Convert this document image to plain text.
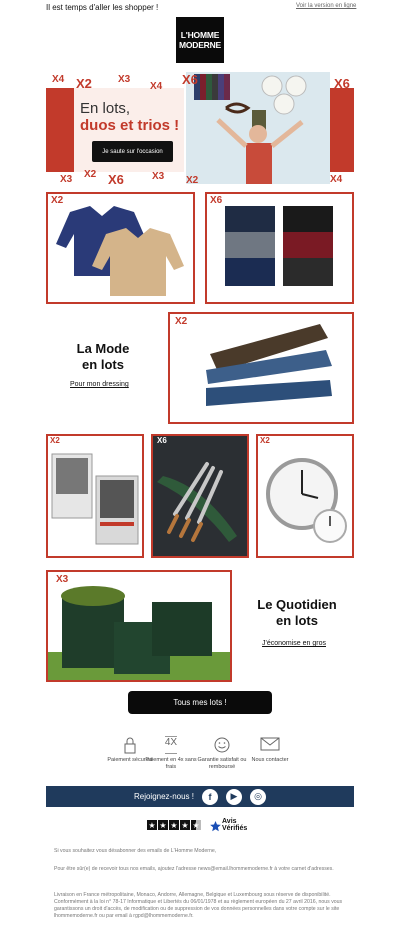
Il est temps d'aller les shopper !	Voir la version en ligne
L'HOMME
MODERNE
En lots,
duos et trios !
Je saute sur l'occasion
X4 X2	X3
X4 X6	X6
X3 X2 X6	X3 X2	X4
X2	X6
La Mode
en lots
Pour mon dressing
X2
X2	X6	X2
X3
Le Quotidien
en lots
J'économise en gros
Tous mes lots !
Paiement sécurisé
4X
Paiement en 4x sans frais
Garantie satisfait ou remboursé
Nous contacter
Rejoignez-nous !	f	▶	◎
★ ★ ★ ★ ★	Avis
Vérifiés
Si vous souhaitez vous désabonner des emails de L'Homme Moderne,
Pour être sûr(e) de recevoir tous nos emails, ajoutez l'adresse news@email.lhommemoderne.fr à votre carnet d'adresses.
Livraison en France métropolitaine, Monaco, Andorre, Allemagne, Belgique et Luxembourg sous réserve de disponibilité. Conformément à la loi n° 78-17 Informatique et Libertés du 06/01/1978 et au règlement européen du 27 avril 2016, nous vous garantissons un droit d'accès, de modification ou de suppression de vos données personnelles dans votre compte sur le site lhommemoderne.fr ou par email à rgpd@lhommemoderne.fr.
